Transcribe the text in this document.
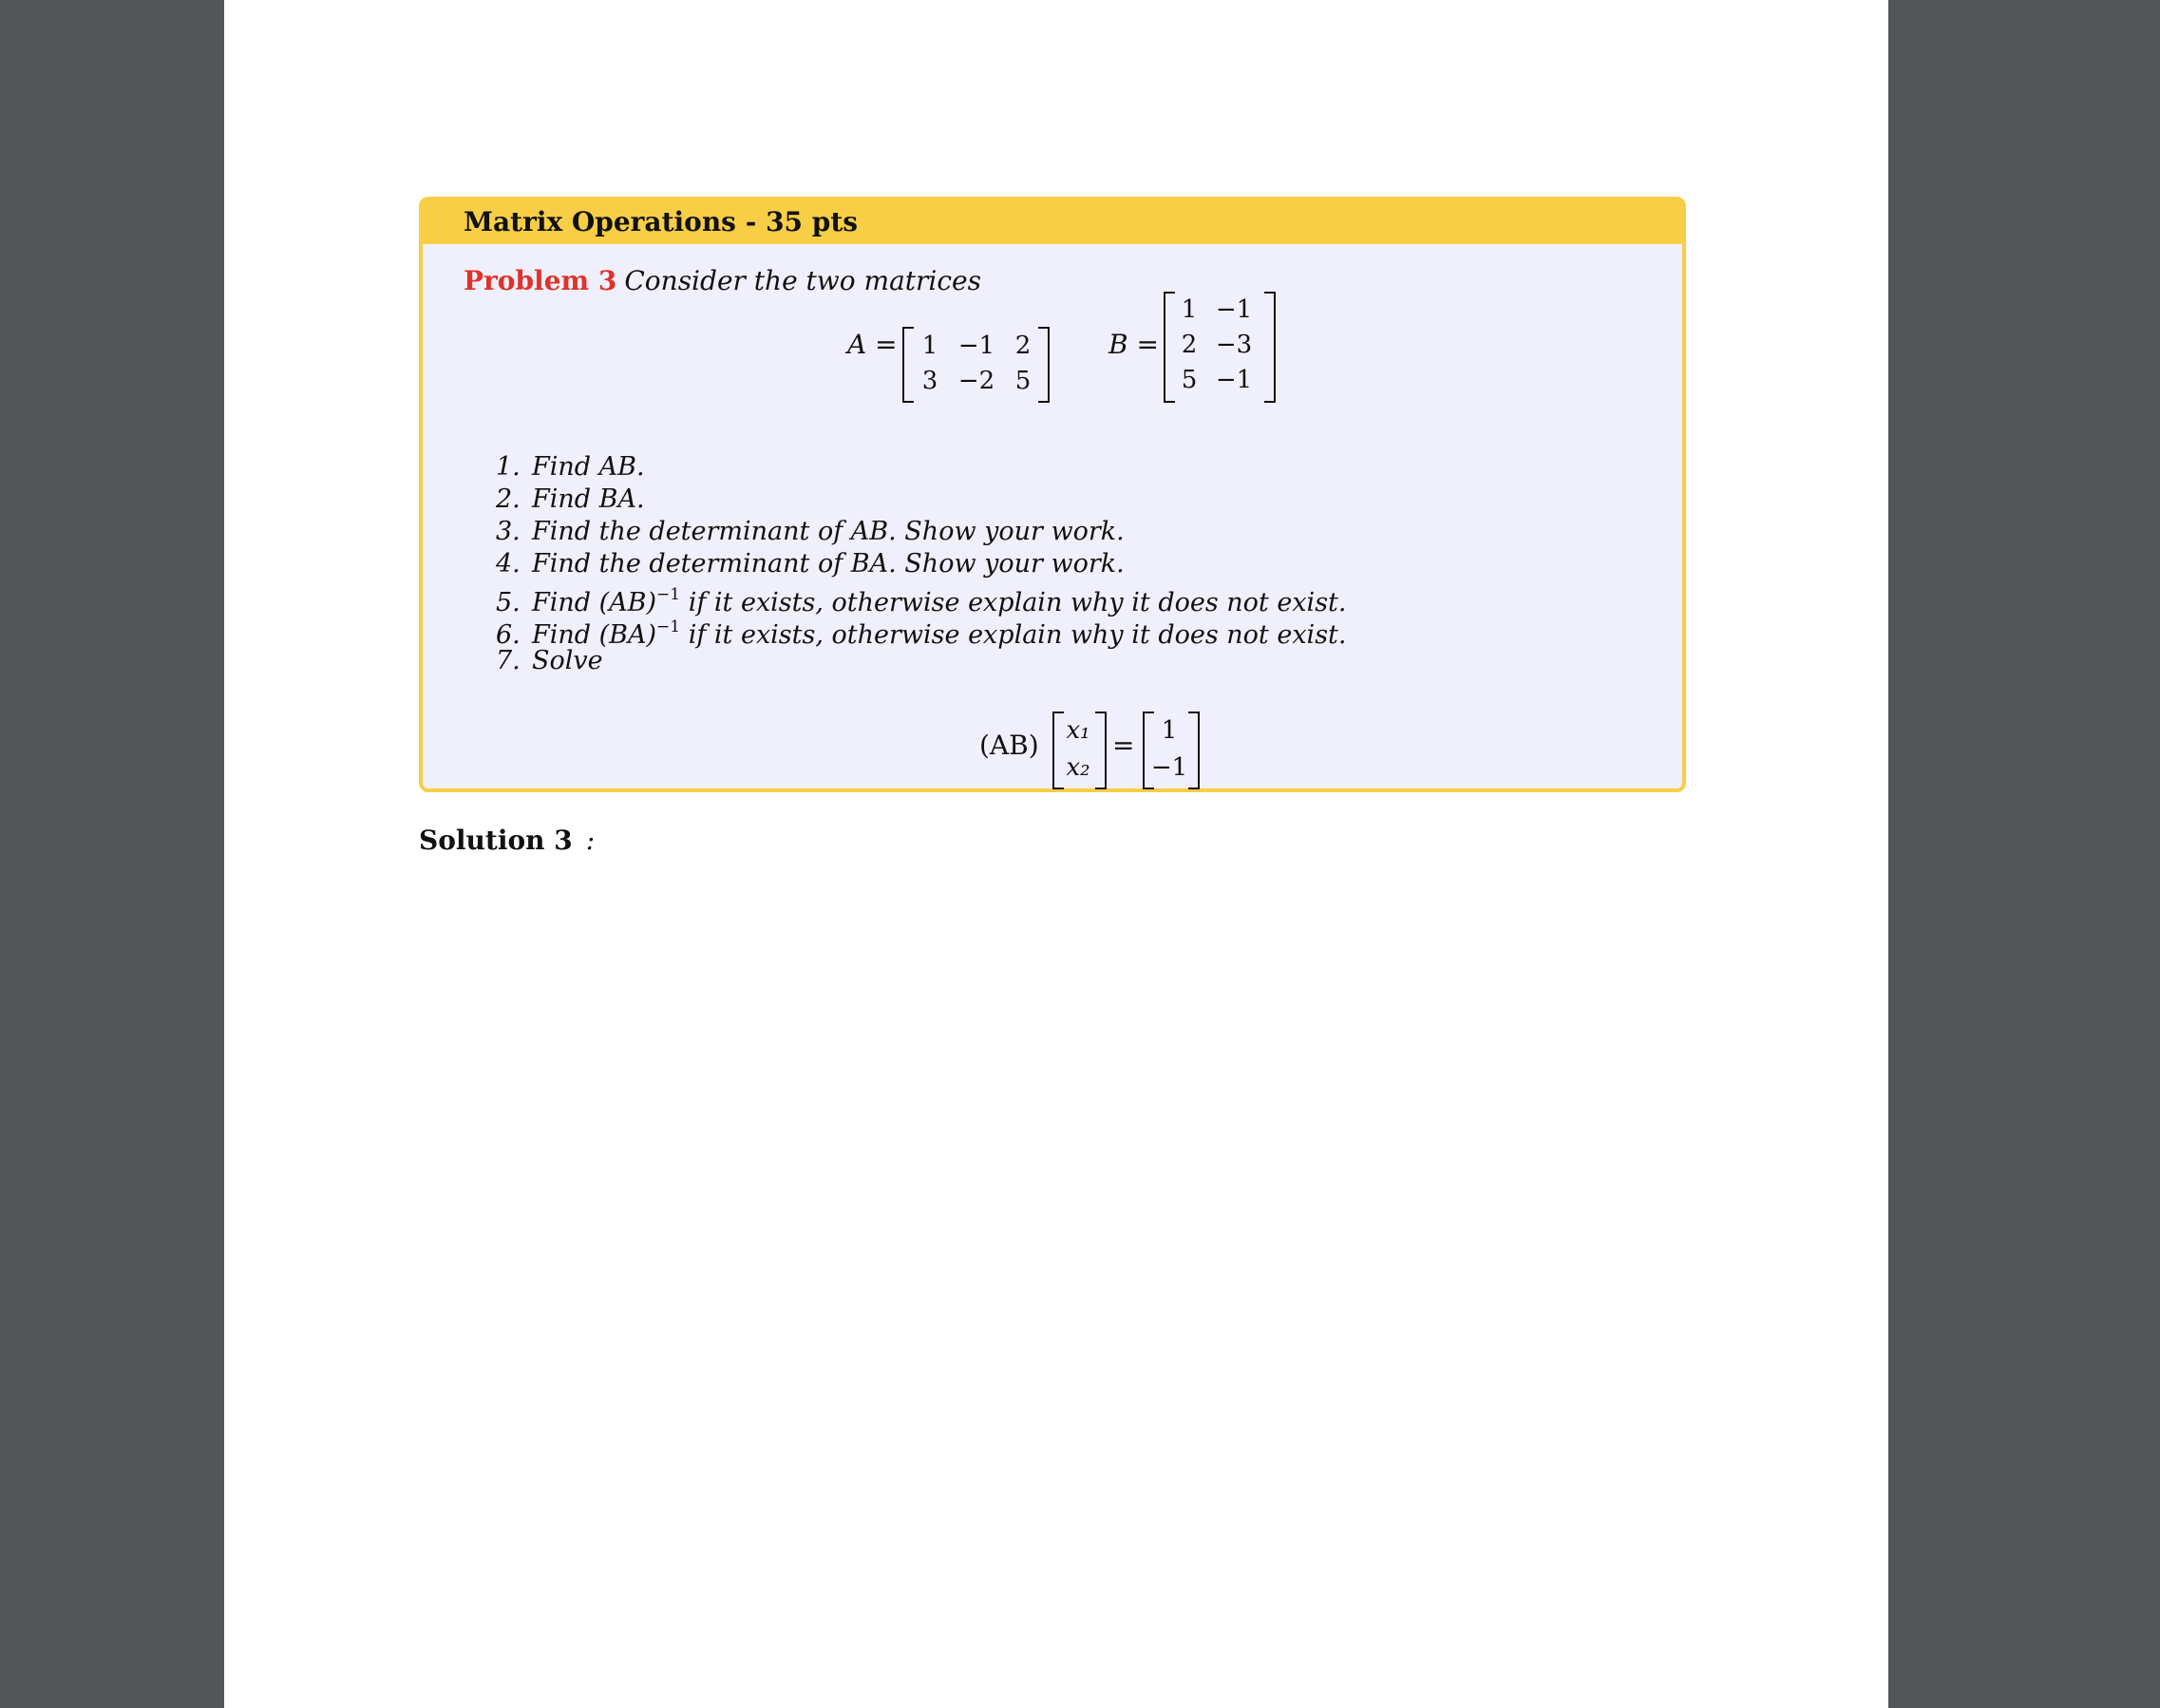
Matrix Operations - 35 pts
Problem 3 Consider the two matrices
A = 1 −1 2
3 −2 5
B =
1 −1
2 −3
5 −1
1. Find AB.
2. Find BA.
3. Find the determinant of AB. Show your work.
4. Find the determinant of BA. Show your work.
5. Find (AB)$^{-1}$ if it exists, otherwise explain why it does not exist.
6. Find (BA)$^{-1}$ if it exists, otherwise explain why it does not exist.
7. Solve
(AB) x₁
x₂
=	1
−1
Solution 3 :
